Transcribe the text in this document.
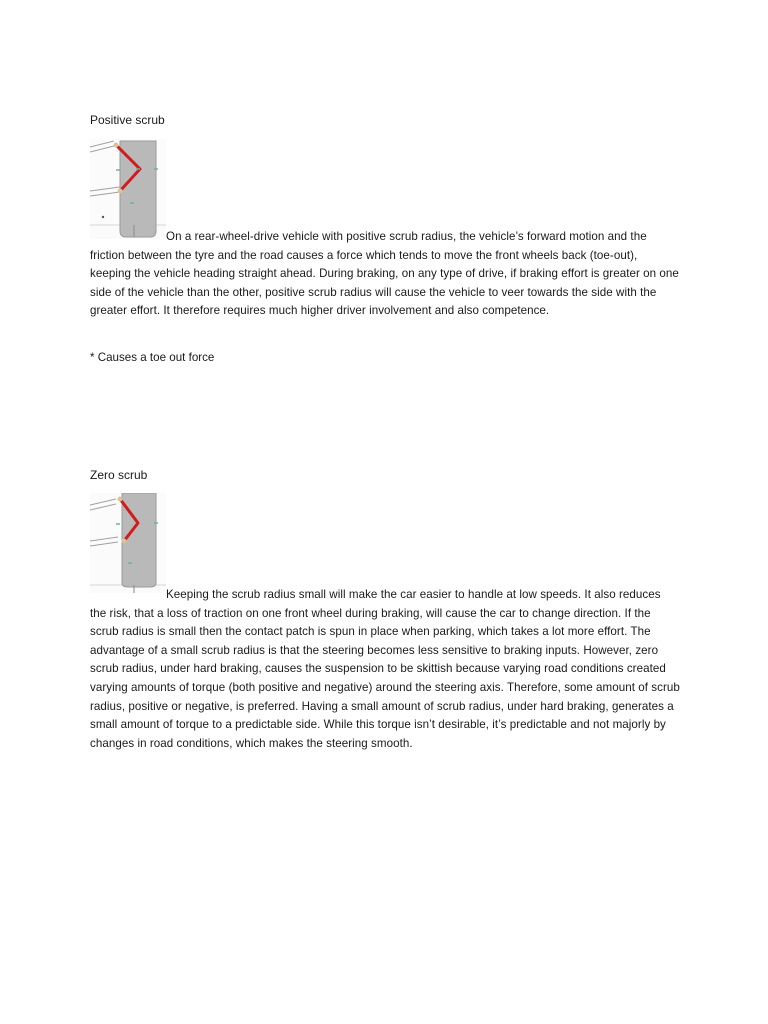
Positive scrub

On a rear-wheel-drive vehicle with positive scrub radius, the vehicle’s forward motion and the friction between the tyre and the road causes a force which tends to move the front wheels back (toe-out), keeping the vehicle heading straight ahead. During braking, on any type of drive, if braking effort is greater on one side of the vehicle than the other, positive scrub radius will cause the vehicle to veer towards the side with the greater effort. It therefore requires much higher driver involvement and also competence.

* Causes a toe out force

Zero scrub

Keeping the scrub radius small will make the car easier to handle at low speeds. It also reduces the risk, that a loss of traction on one front wheel during braking, will cause the car to change direction. If the scrub radius is small then the contact patch is spun in place when parking, which takes a lot more effort. The advantage of a small scrub radius is that the steering becomes less sensitive to braking inputs. However, zero scrub radius, under hard braking, causes the suspension to be skittish because varying road conditions created varying amounts of torque (both positive and negative) around the steering axis. Therefore, some amount of scrub radius, positive or negative, is preferred. Having a small amount of scrub radius, under hard braking, generates a small amount of torque to a predictable side. While this torque isn’t desirable, it’s predictable and not majorly by changes in road conditions, which makes the steering smooth.
